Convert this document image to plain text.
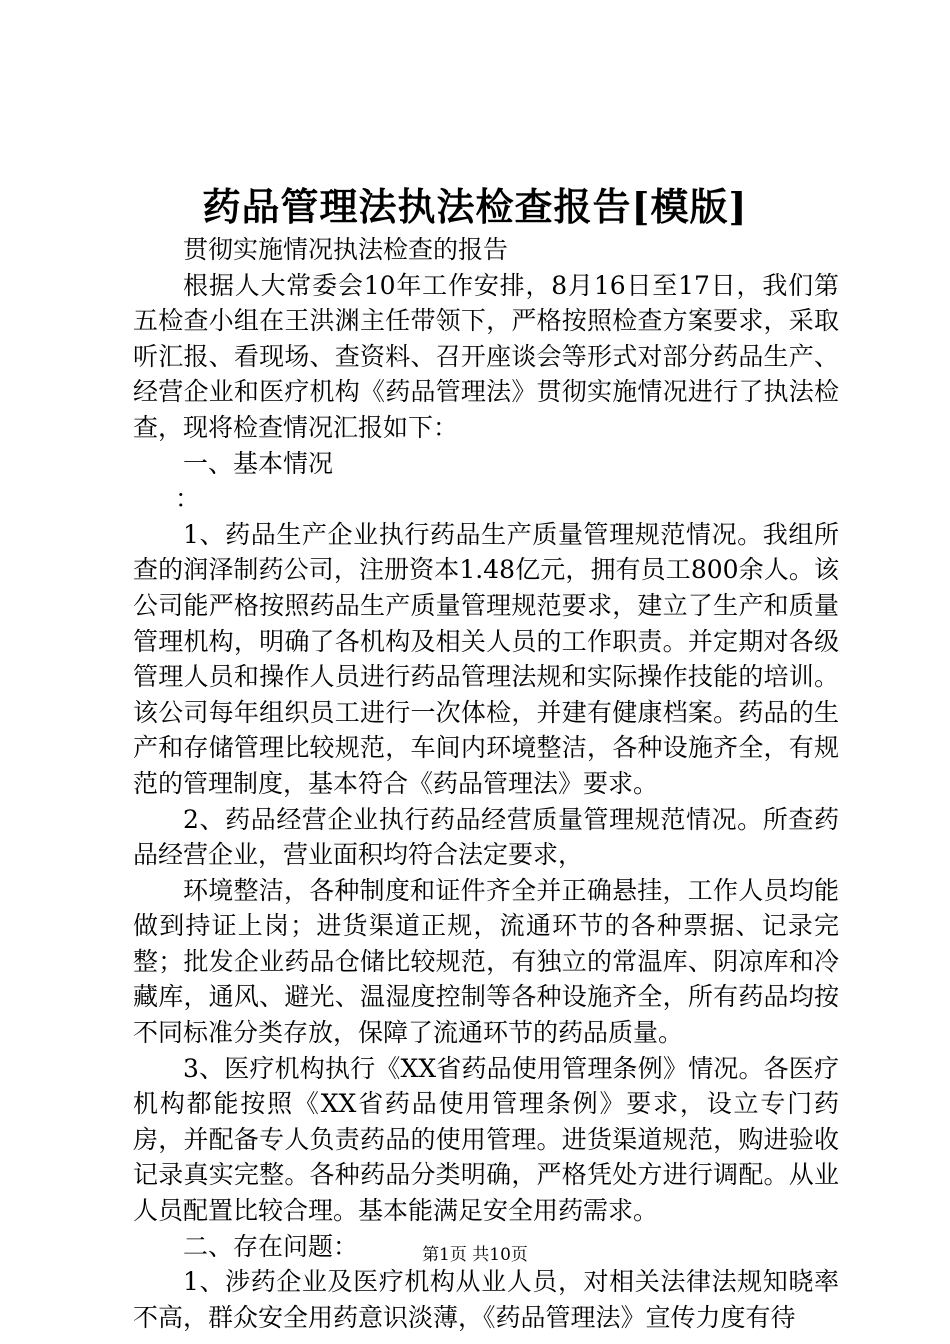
药品管理法执法检查报告[模版]

贯彻实施情况执法检查的报告

根据人大常委会10年工作安排，8月16日至17日，我们第五检查小组在王洪渊主任带领下，严格按照检查方案要求，采取听汇报、看现场、查资料、召开座谈会等形式对部分药品生产、经营企业和医疗机构《药品管理法》贯彻实施情况进行了执法检查，现将检查情况汇报如下：

一、基本情况

：

1、药品生产企业执行药品生产质量管理规范情况。我组所查的润泽制药公司，注册资本1.48亿元，拥有员工800余人。该公司能严格按照药品生产质量管理规范要求，建立了生产和质量管理机构，明确了各机构及相关人员的工作职责。并定期对各级管理人员和操作人员进行药品管理法规和实际操作技能的培训。该公司每年组织员工进行一次体检，并建有健康档案。药品的生产和存储管理比较规范，车间内环境整洁，各种设施齐全，有规范的管理制度，基本符合《药品管理法》要求。

2、药品经营企业执行药品经营质量管理规范情况。所查药品经营企业，营业面积均符合法定要求，

环境整洁，各种制度和证件齐全并正确悬挂，工作人员均能做到持证上岗；进货渠道正规，流通环节的各种票据、记录完整；批发企业药品仓储比较规范，有独立的常温库、阴凉库和冷藏库，通风、避光、温湿度控制等各种设施齐全，所有药品均按不同标准分类存放，保障了流通环节的药品质量。

3、医疗机构执行《XX省药品使用管理条例》情况。各医疗机构都能按照《XX省药品使用管理条例》要求，设立专门药房，并配备专人负责药品的使用管理。进货渠道规范，购进验收记录真实完整。各种药品分类明确，严格凭处方进行调配。从业人员配置比较合理。基本能满足安全用药需求。

二、存在问题：

1、涉药企业及医疗机构从业人员，对相关法律法规知晓率不高，群众安全用药意识淡薄，《药品管理法》宣传力度有待

第1页 共10页
